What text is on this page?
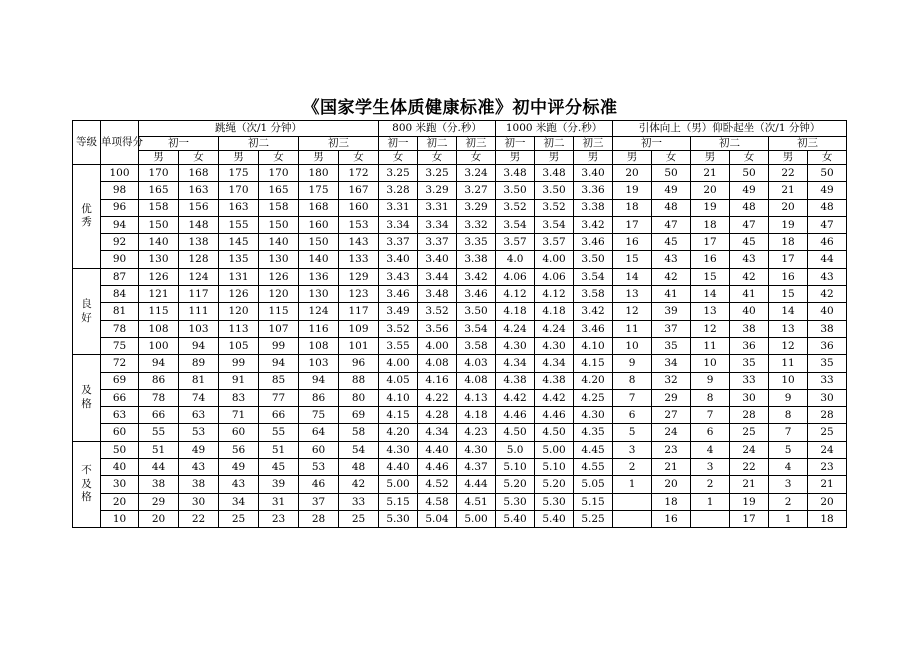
《国家学生体质健康标准》初中评分标准
等级	单项得分	跳绳（次/1 分钟）						800 米跑（分.秒）			1000 米跑（分.秒）			引体向上（男）仰卧起坐（次/1 分钟）					
		初一		初二		初三		初一	初二	初三	初一	初二	初三	初一		初二		初三	
		男	女	男	女	男	女	女	女	女	男	男	男	男	女	男	女	男	女
优秀	100	170	168	175	170	180	172	3.25	3.25	3.24	3.48	3.48	3.40	20	50	21	50	22	50
	98	165	163	170	165	175	167	3.28	3.29	3.27	3.50	3.50	3.36	19	49	20	49	21	49
	96	158	156	163	158	168	160	3.31	3.31	3.29	3.52	3.52	3.38	18	48	19	48	20	48
	94	150	148	155	150	160	153	3.34	3.34	3.32	3.54	3.54	3.42	17	47	18	47	19	47
	92	140	138	145	140	150	143	3.37	3.37	3.35	3.57	3.57	3.46	16	45	17	45	18	46
	90	130	128	135	130	140	133	3.40	3.40	3.38	4.0	4.00	3.50	15	43	16	43	17	44
良好	87	126	124	131	126	136	129	3.43	3.44	3.42	4.06	4.06	3.54	14	42	15	42	16	43
	84	121	117	126	120	130	123	3.46	3.48	3.46	4.12	4.12	3.58	13	41	14	41	15	42
	81	115	111	120	115	124	117	3.49	3.52	3.50	4.18	4.18	3.42	12	39	13	40	14	40
	78	108	103	113	107	116	109	3.52	3.56	3.54	4.24	4.24	3.46	11	37	12	38	13	38
	75	100	94	105	99	108	101	3.55	4.00	3.58	4.30	4.30	4.10	10	35	11	36	12	36
及格	72	94	89	99	94	103	96	4.00	4.08	4.03	4.34	4.34	4.15	9	34	10	35	11	35
	69	86	81	91	85	94	88	4.05	4.16	4.08	4.38	4.38	4.20	8	32	9	33	10	33
	66	78	74	83	77	86	80	4.10	4.22	4.13	4.42	4.42	4.25	7	29	8	30	9	30
	63	66	63	71	66	75	69	4.15	4.28	4.18	4.46	4.46	4.30	6	27	7	28	8	28
	60	55	53	60	55	64	58	4.20	4.34	4.23	4.50	4.50	4.35	5	24	6	25	7	25
不及格	50	51	49	56	51	60	54	4.30	4.40	4.30	5.0	5.00	4.45	3	23	4	24	5	24
	40	44	43	49	45	53	48	4.40	4.46	4.37	5.10	5.10	4.55	2	21	3	22	4	23
	30	38	38	43	39	46	42	5.00	4.52	4.44	5.20	5.20	5.05	1	20	2	21	3	21
	20	29	30	34	31	37	33	5.15	4.58	4.51	5.30	5.30	5.15		18	1	19	2	20
	10	20	22	25	23	28	25	5.30	5.04	5.00	5.40	5.40	5.25		16		17	1	18
